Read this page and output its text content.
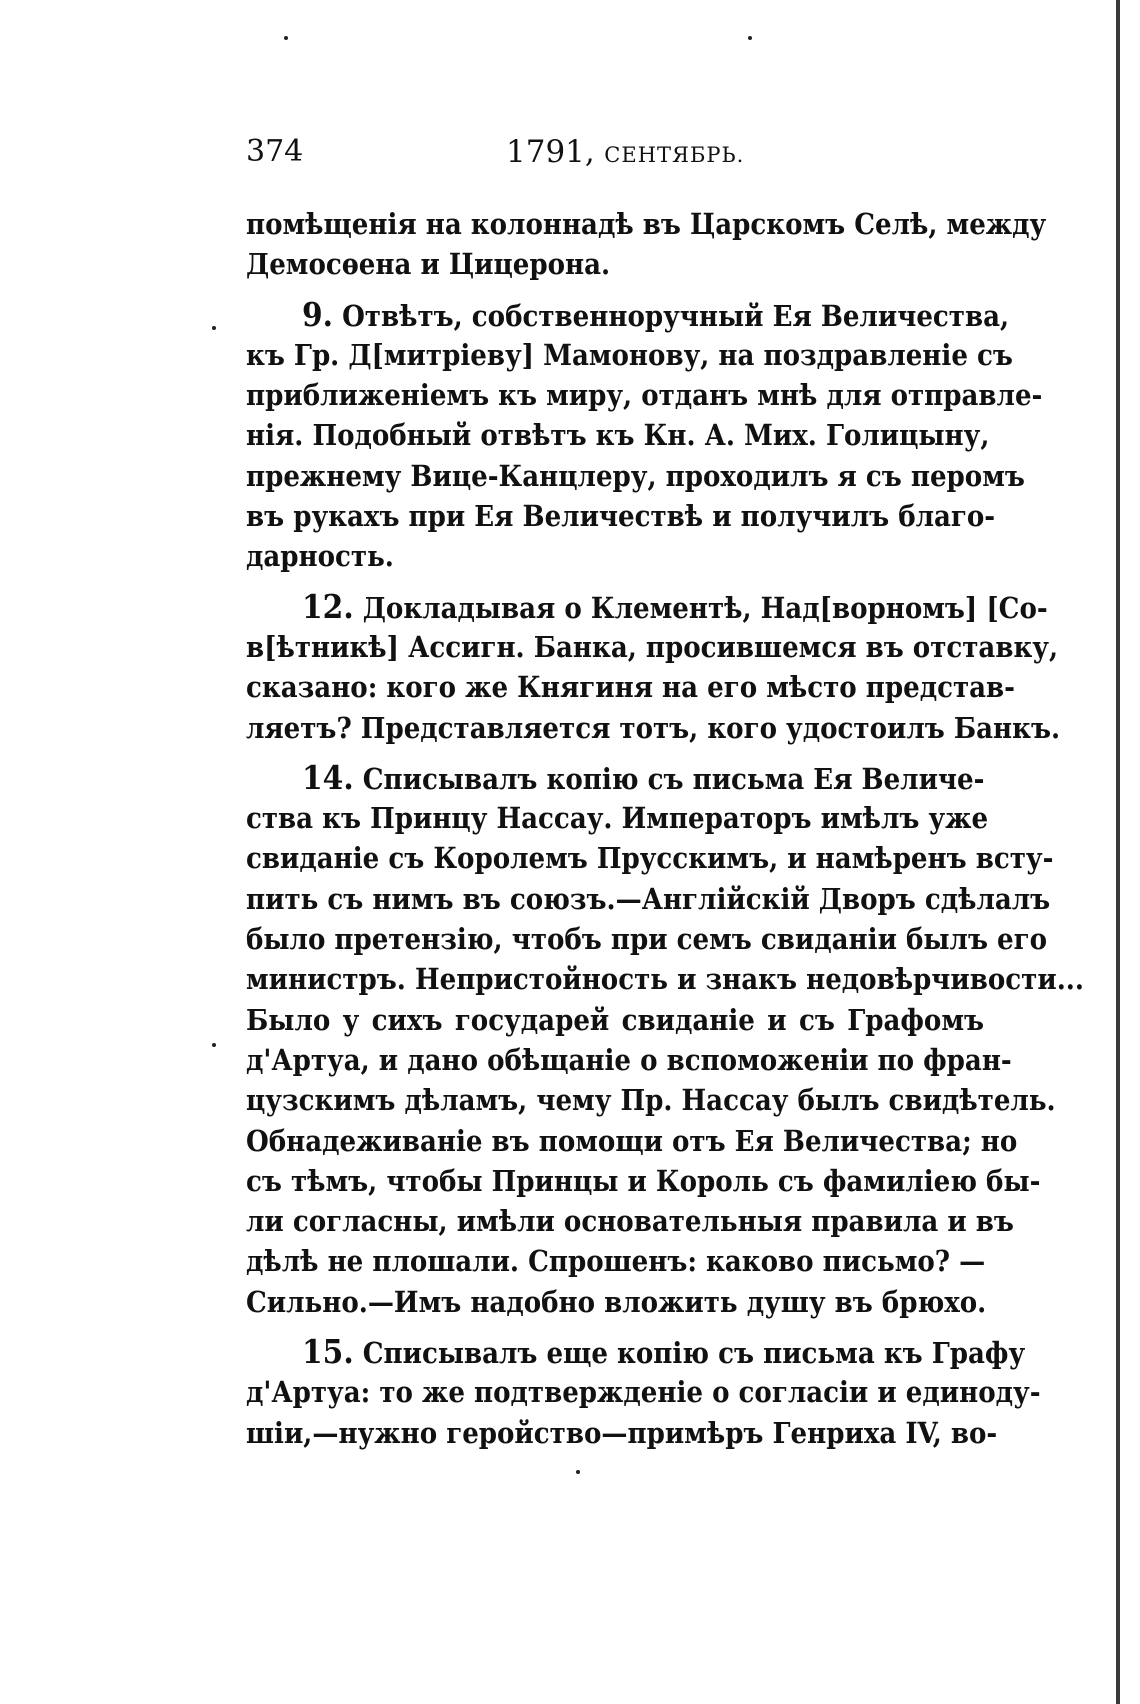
374	1791, СЕНТЯБРЬ.
помѣщенія на колоннадѣ въ Царскомъ Селѣ, между
Демосѳена и Цицерона.
9. Отвѣтъ, собственноручный Ея Величества,
къ Гр. Д[митріеву] Мамонову, на поздравленіе съ
приближеніемъ къ миру, отданъ мнѣ для отправле-
нія. Подобный отвѣтъ къ Кн. А. Мих. Голицыну,
прежнему Вице-Канцлеру, проходилъ я съ перомъ
въ рукахъ при Ея Величествѣ и получилъ благо-
дарность.
12. Докладывая о Клементѣ, Над[ворномъ] [Со-
в[ѣтникѣ] Ассигн. Банка, просившемся въ отставку,
сказано: кого же Княгиня на его мѣсто представ-
ляетъ? Представляется тотъ, кого удостоилъ Банкъ.
14. Списывалъ копію съ письма Ея Величе-
ства къ Принцу Нассау. Императоръ имѣлъ уже
свиданіе съ Королемъ Прусскимъ, и намѣренъ всту-
пить съ нимъ въ союзъ.—Англійскій Дворъ сдѣлалъ
было претензію, чтобъ при семъ свиданіи былъ его
министръ. Непристойность и знакъ недовѣрчивости...
Было у сихъ государей свиданіе и съ Графомъ
д'Артуа, и дано обѣщаніе о вспоможеніи по фран-
цузскимъ дѣламъ, чему Пр. Нассау былъ свидѣтель.
Обнадеживаніе въ помощи отъ Ея Величества; но
съ тѣмъ, чтобы Принцы и Король съ фамиліею бы-
ли согласны, имѣли основательныя правила и въ
дѣлѣ не плошали. Спрошенъ: каково письмо? —
Сильно.—Имъ надобно вложить душу въ брюхо.
15. Списывалъ еще копію съ письма къ Графу
д'Артуа: то же подтвержденіе о согласіи и единоду-
шіи,—нужно геройство—примѣръ Генриха IV, во-
